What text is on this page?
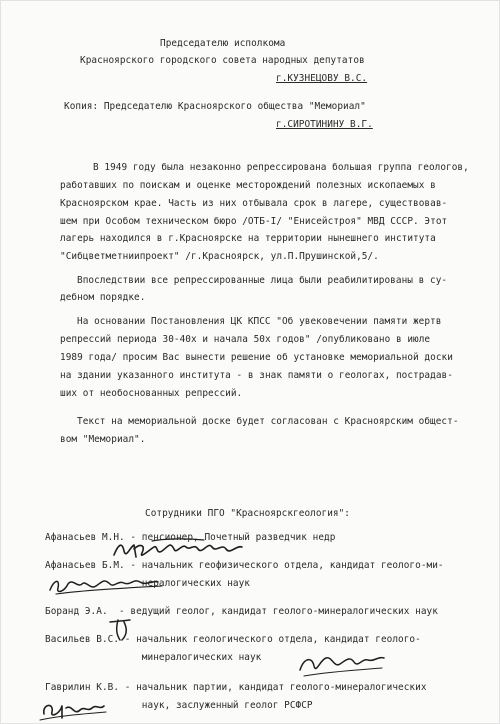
Председателю исполкома
Красноярского городского совета народных депутатов
г.КУЗНЕЦОВУ В.С.
Копия: Председателю Красноярского общества "Мемориал"
г.СИРОТИНИНУ В.Г.
В 1949 году была незаконно репрессирована большая группа геологов,
работавших по поискам и оценке месторождений полезных ископаемых в
Красноярском крае. Часть из них отбывала срок в лагере, существовав-
шем при Особом техническом бюро /ОТБ-I/ "Енисейстроя" МВД СССР. Этот
лагерь находился в г.Красноярске на территории нынешнего института
"Сибцветметниипроект" /г.Красноярск, ул.П.Прушинской,5/.
Впоследствии все репрессированные лица были реабилитированы в су-
дебном порядке.
На основании Постановления ЦК КПСС "Об увековечении памяти жертв
репрессий периода 30-40х и начала 50х годов" /опубликовано в июле
1989 года/ просим Вас вынести решение об установке мемориальной доски
на здании указанного института - в знак памяти о геологах, пострадав-
ших от необоснованных репрессий.
Текст на мемориальной доске будет согласован с Красноярским общест-
вом "Мемориал".
Сотрудники ПГО "Красноярскгеология":
Афанасьев М.Н. - пенсионер, Почетный разведчик недр
Афанасьев Б.М. - начальник геофизического отдела, кандидат геолого-ми-
нералогических наук
Боранд Э.А.  - ведущий геолог, кандидат геолого-минералогических наук
Васильев В.С. - начальник геологического отдела, кандидат геолого-
минералогических наук
Гаврилин К.В. - начальник партии, кандидат геолого-минералогических
наук, заслуженный геолог РСФСР
